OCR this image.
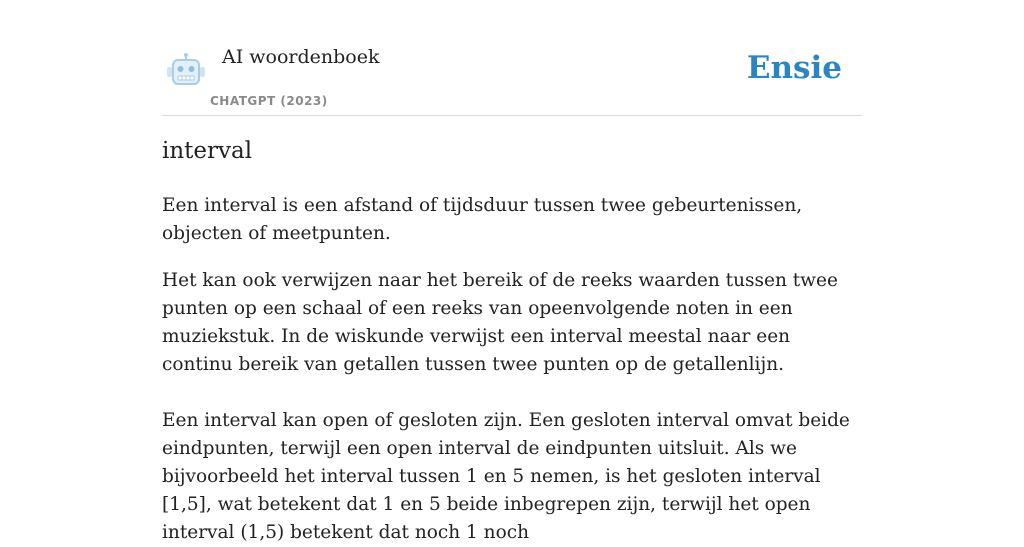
AI woordenboek
CHATGPT (2023)
Ensie
interval

Een interval is een afstand of tijdsduur tussen twee gebeurtenissen, objecten of meetpunten.

Het kan ook verwijzen naar het bereik of de reeks waarden tussen twee punten op een schaal of een reeks van opeenvolgende noten in een muziekstuk. In de wiskunde verwijst een interval meestal naar een continu bereik van getallen tussen twee punten op de getallenlijn.

Een interval kan open of gesloten zijn. Een gesloten interval omvat beide eindpunten, terwijl een open interval de eindpunten uitsluit. Als we bijvoorbeeld het interval tussen 1 en 5 nemen, is het gesloten interval [1,5], wat betekent dat 1 en 5 beide inbegrepen zijn, terwijl het open interval (1,5) betekent dat noch 1 noch
